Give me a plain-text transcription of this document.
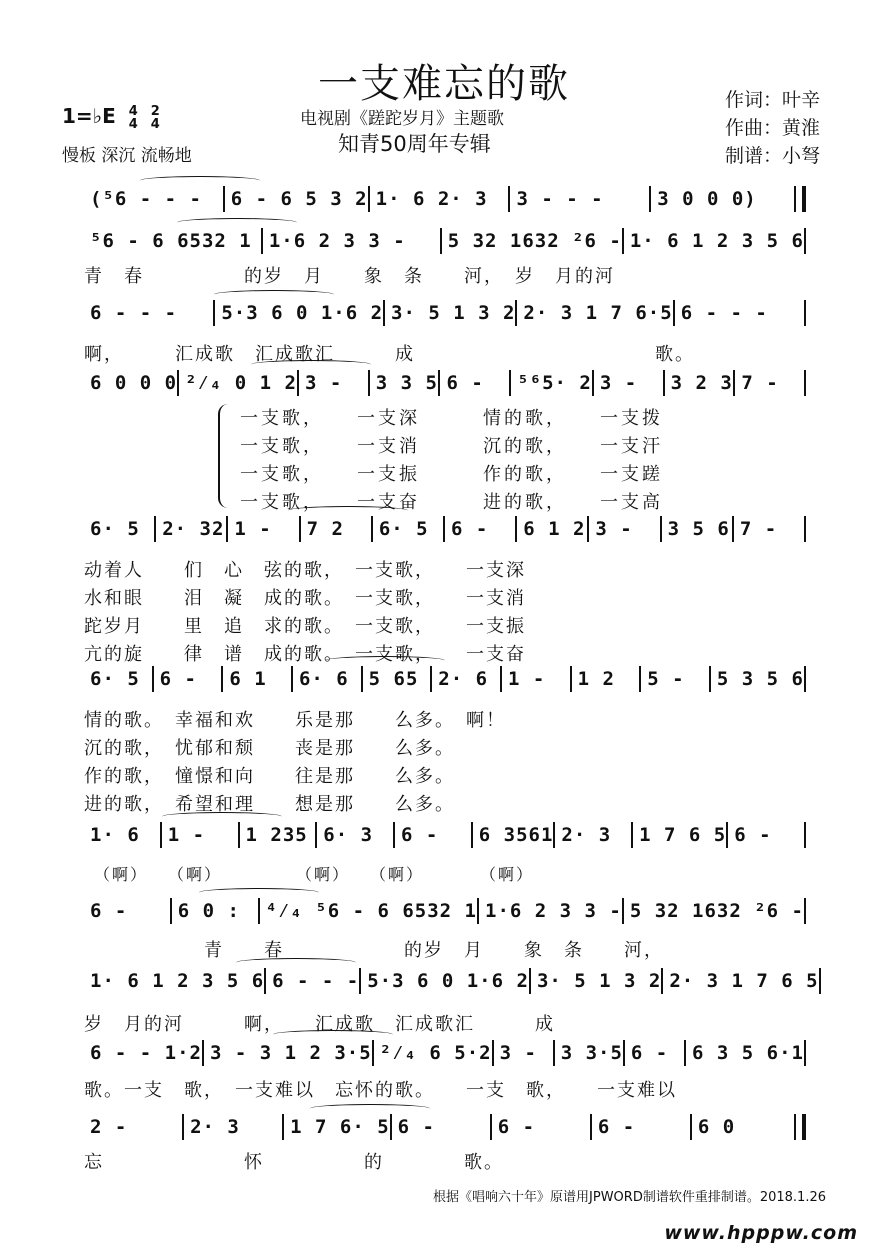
一支难忘的歌
电视剧《蹉跎岁月》主题歌
知青50周年专辑
1=♭E 4
4 2
4
慢板 深沉 流畅地
作词：叶辛
作曲：黄淮
制谱：小弩
(⁵6 - - -	6 - 6 5 3 2 1· 6 2· 3	3 - - -	3 0 0 0)
⁵6 - 6 6532 1 1·6 2 3 3 -	5 32 1632 ²6 - 1· 6 1 2 3 5 6
6 - - -	5·3 6 0 1·6 2 3· 5 1 3 2 2· 3 1 7 6·5 6 - - -
6 0 0 0 ²⁄₄ 0 1 2 3 -	3 3 5 6 -	⁵⁶5· 2 3 -	3 2 3 7 -
6· 5	2· 32 1 -	7 2	6· 5	6 -	6 1 2 3 -	3 5 6 7 -
6· 5	6 -	6 1	6· 6	5 65	2· 6	1 -	1 2	5 -	5 3 5 6
1· 6	1 -	1 235 6· 3	6 -	6 3561 2· 3	1 7 6 5 6 -
6 -	6 0 :	⁴⁄₄ ⁵6 - 6 6532 1 1·6 2 3 3 - 5 32 1632 ²6 -
1· 6 1 2 3 5 6 6 - - - 5·3 6 0 1·6 2 3· 5 1 3 2 2· 3 1 7 6 5
6 - - 1·2 3 - 3 1 2 3·5 ²⁄₄ 6 5·2 3 -	3 3·5 6 -	6 3 5 6·1
2 -	2· 3	1 7 6· 5 6 -	6 -	6 -	6 0
青　春　　　　　的岁　月　　象　条　　河，　岁　月的河
啊，　　　汇成歌　汇成歌汇　　　成　　　　　　　　　　　　歌。
一支歌，　　一支深　　　情的歌，　　一支拨
一支歌，　　一支消　　　沉的歌，　　一支汗
一支歌，　　一支振　　　作的歌，　　一支蹉
一支歌，　　一支奋　　　进的歌，　　一支高
动着人　　们　心　弦的歌，　一支歌，　　一支深
水和眼　　泪　凝　成的歌。　一支歌，　　一支消
跎岁月　　里　追　求的歌。　一支歌，　　一支振
亢的旋　　律　谱　成的歌。　一支歌，　　一支奋
情的歌。　幸福和欢　　乐是那　　么多。　啊！
沉的歌，　忧郁和颓　　丧是那　　么多。
作的歌，　憧憬和向　　往是那　　么多。
进的歌，　希望和理　　想是那　　么多。
　（啊）　　（啊）　　　　　（啊）　　（啊）　　　　（啊）
　　　　　　青　　春　　　　　　的岁　月　　象　条　　河，
岁　月的河　　　啊，　　汇成歌　汇成歌汇　　　成
歌。一支　歌，　一支难以　忘怀的歌。　　一支　歌，　　一支难以
忘　　　　　　　怀　　　　　的　　　　歌。
根据《唱响六十年》原谱用JPWORD制谱软件重排制谱。2018.1.26
www.hpppw.com
